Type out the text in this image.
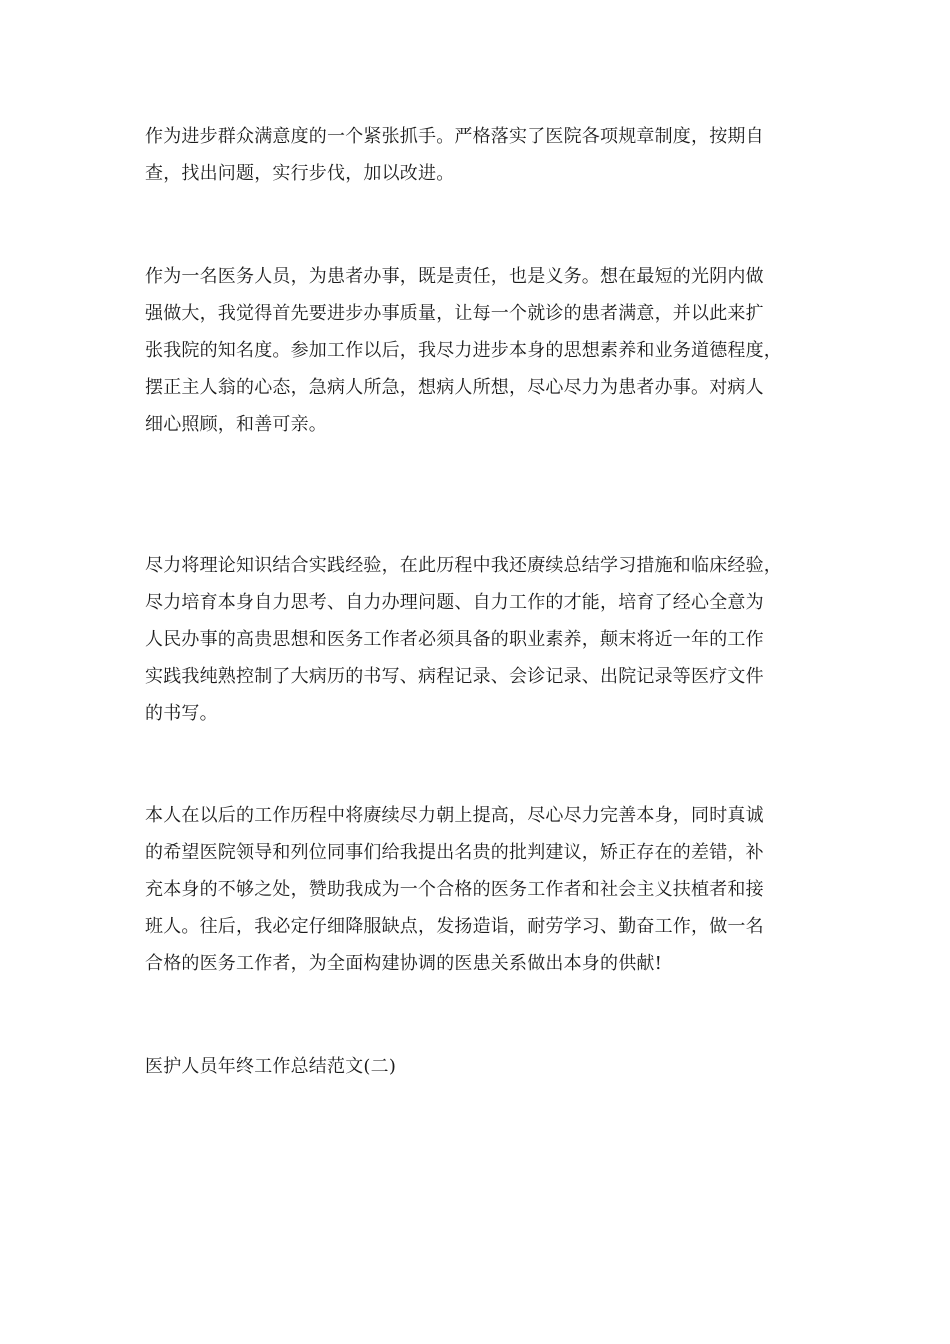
作为进步群众满意度的一个紧张抓手。严格落实了医院各项规章制度，按期自
查，找出问题，实行步伐，加以改进。
作为一名医务人员，为患者办事，既是责任，也是义务。想在最短的光阴内做
强做大，我觉得首先要进步办事质量，让每一个就诊的患者满意，并以此来扩
张我院的知名度。参加工作以后，我尽力进步本身的思想素养和业务道德程度，
摆正主人翁的心态，急病人所急，想病人所想，尽心尽力为患者办事。对病人
细心照顾，和善可亲。
尽力将理论知识结合实践经验，在此历程中我还赓续总结学习措施和临床经验，
尽力培育本身自力思考、自力办理问题、自力工作的才能，培育了经心全意为
人民办事的高贵思想和医务工作者必须具备的职业素养，颠末将近一年的工作
实践我纯熟控制了大病历的书写、病程记录、会诊记录、出院记录等医疗文件
的书写。
本人在以后的工作历程中将赓续尽力朝上提高，尽心尽力完善本身，同时真诚
的希望医院领导和列位同事们给我提出名贵的批判建议，矫正存在的差错，补
充本身的不够之处，赞助我成为一个合格的医务工作者和社会主义扶植者和接
班人。往后，我必定仔细降服缺点，发扬造诣，耐劳学习、勤奋工作，做一名
合格的医务工作者，为全面构建协调的医患关系做出本身的供献!
医护人员年终工作总结范文(二)
